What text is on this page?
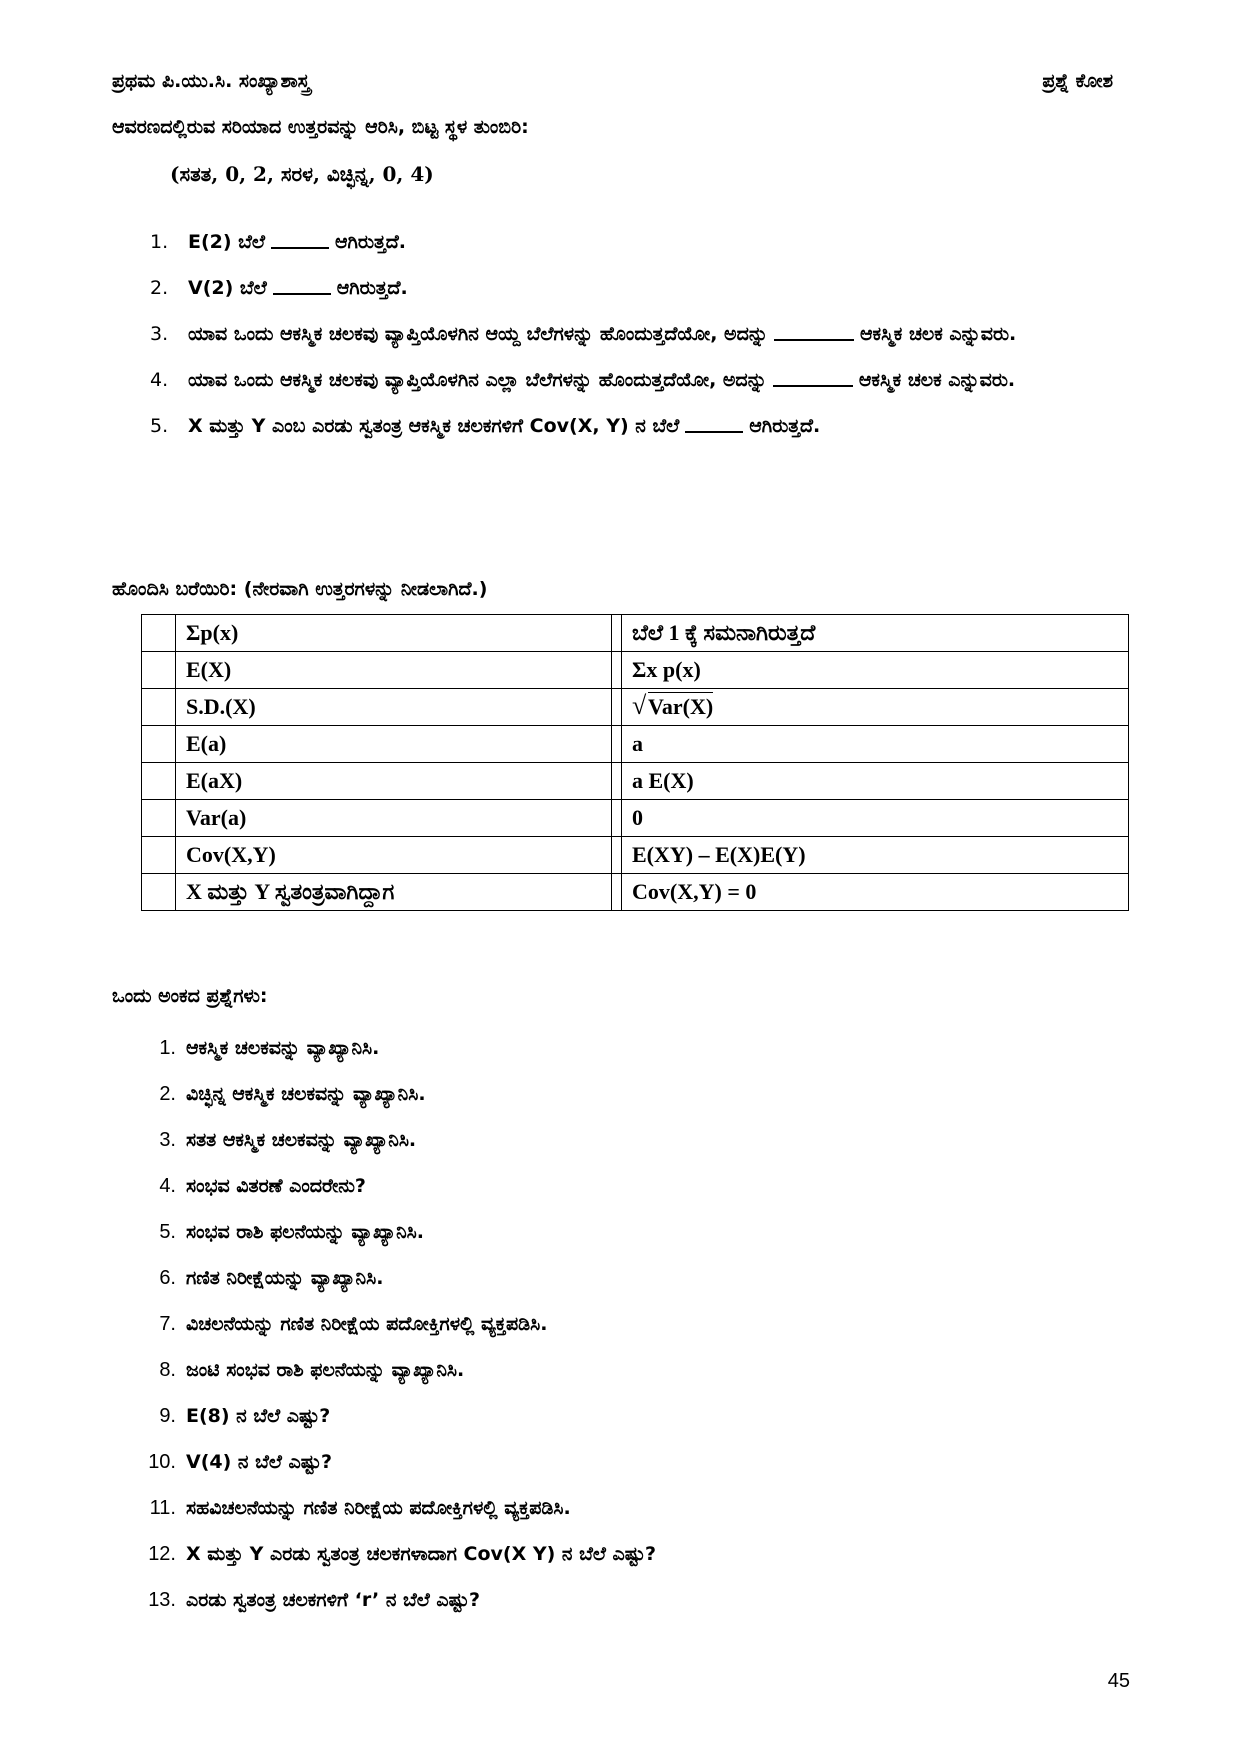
ಪ್ರಥಮ ಪಿ.ಯು.ಸಿ. ಸಂಖ್ಯಾಶಾಸ್ತ್ರ	ಪ್ರಶ್ನೆ ಕೋಶ
ಆವರಣದಲ್ಲಿರುವ ಸರಿಯಾದ ಉತ್ತರವನ್ನು ಆರಿಸಿ, ಬಿಟ್ಟ ಸ್ಥಳ ತುಂಬಿರಿ:
(ಸತತ, 0, 2, ಸರಳ, ವಿಚ್ಛಿನ್ನ, 0, 4)
1. E(2) ಬೆಲೆ	ಆಗಿರುತ್ತದೆ.
2. V(2) ಬೆಲೆ	ಆಗಿರುತ್ತದೆ.
3. ಯಾವ ಒಂದು ಆಕಸ್ಮಿಕ ಚಲಕವು ವ್ಯಾಪ್ತಿಯೊಳಗಿನ ಆಯ್ದ ಬೆಲೆಗಳನ್ನು ಹೊಂದುತ್ತದೆಯೋ, ಅದನ್ನು	ಆಕಸ್ಮಿಕ ಚಲಕ ಎನ್ನುವರು.
4. ಯಾವ ಒಂದು ಆಕಸ್ಮಿಕ ಚಲಕವು ವ್ಯಾಪ್ತಿಯೊಳಗಿನ ಎಲ್ಲಾ ಬೆಲೆಗಳನ್ನು ಹೊಂದುತ್ತದೆಯೋ, ಅದನ್ನು	ಆಕಸ್ಮಿಕ ಚಲಕ ಎನ್ನುವರು.
5. X ಮತ್ತು Y ಎಂಬ ಎರಡು ಸ್ವತಂತ್ರ ಆಕಸ್ಮಿಕ ಚಲಕಗಳಿಗೆ Cov(X, Y) ನ ಬೆಲೆ	ಆಗಿರುತ್ತದೆ.
ಹೊಂದಿಸಿ ಬರೆಯಿರಿ: (ನೇರವಾಗಿ ಉತ್ತರಗಳನ್ನು ನೀಡಲಾಗಿದೆ.)
	Σp(x)		ಬೆಲೆ 1 ಕ್ಕೆ ಸಮನಾಗಿರುತ್ತದೆ
	E(X)		Σx p(x)
	S.D.(X)		√ Var(X)
	E(a)		a
	E(aX)		a E(X)
	Var(a)		0
	Cov(X,Y)		E(XY) – E(X)E(Y)
	X ಮತ್ತು Y ಸ್ವತಂತ್ರವಾಗಿದ್ದಾಗ		Cov(X,Y) = 0
ಒಂದು ಅಂಕದ ಪ್ರಶ್ನೆಗಳು:
1. ಆಕಸ್ಮಿಕ ಚಲಕವನ್ನು ವ್ಯಾಖ್ಯಾನಿಸಿ.
2. ವಿಚ್ಛಿನ್ನ ಆಕಸ್ಮಿಕ ಚಲಕವನ್ನು ವ್ಯಾಖ್ಯಾನಿಸಿ.
3. ಸತತ ಆಕಸ್ಮಿಕ ಚಲಕವನ್ನು ವ್ಯಾಖ್ಯಾನಿಸಿ.
4. ಸಂಭವ ವಿತರಣೆ ಎಂದರೇನು?
5. ಸಂಭವ ರಾಶಿ ಫಲನೆಯನ್ನು ವ್ಯಾಖ್ಯಾನಿಸಿ.
6. ಗಣಿತ ನಿರೀಕ್ಷೆಯನ್ನು ವ್ಯಾಖ್ಯಾನಿಸಿ.
7. ವಿಚಲನೆಯನ್ನು ಗಣಿತ ನಿರೀಕ್ಷೆಯ ಪದೋಕ್ತಿಗಳಲ್ಲಿ ವ್ಯಕ್ತಪಡಿಸಿ.
8. ಜಂಟಿ ಸಂಭವ ರಾಶಿ ಫಲನೆಯನ್ನು ವ್ಯಾಖ್ಯಾನಿಸಿ.
9. E(8) ನ ಬೆಲೆ ಎಷ್ಟು?
10. V(4) ನ ಬೆಲೆ ಎಷ್ಟು?
11. ಸಹವಿಚಲನೆಯನ್ನು ಗಣಿತ ನಿರೀಕ್ಷೆಯ ಪದೋಕ್ತಿಗಳಲ್ಲಿ ವ್ಯಕ್ತಪಡಿಸಿ.
12. X ಮತ್ತು Y ಎರಡು ಸ್ವತಂತ್ರ ಚಲಕಗಳಾದಾಗ Cov(X Y) ನ ಬೆಲೆ ಎಷ್ಟು?
13. ಎರಡು ಸ್ವತಂತ್ರ ಚಲಕಗಳಿಗೆ ‘r’ ನ ಬೆಲೆ ಎಷ್ಟು?
45
